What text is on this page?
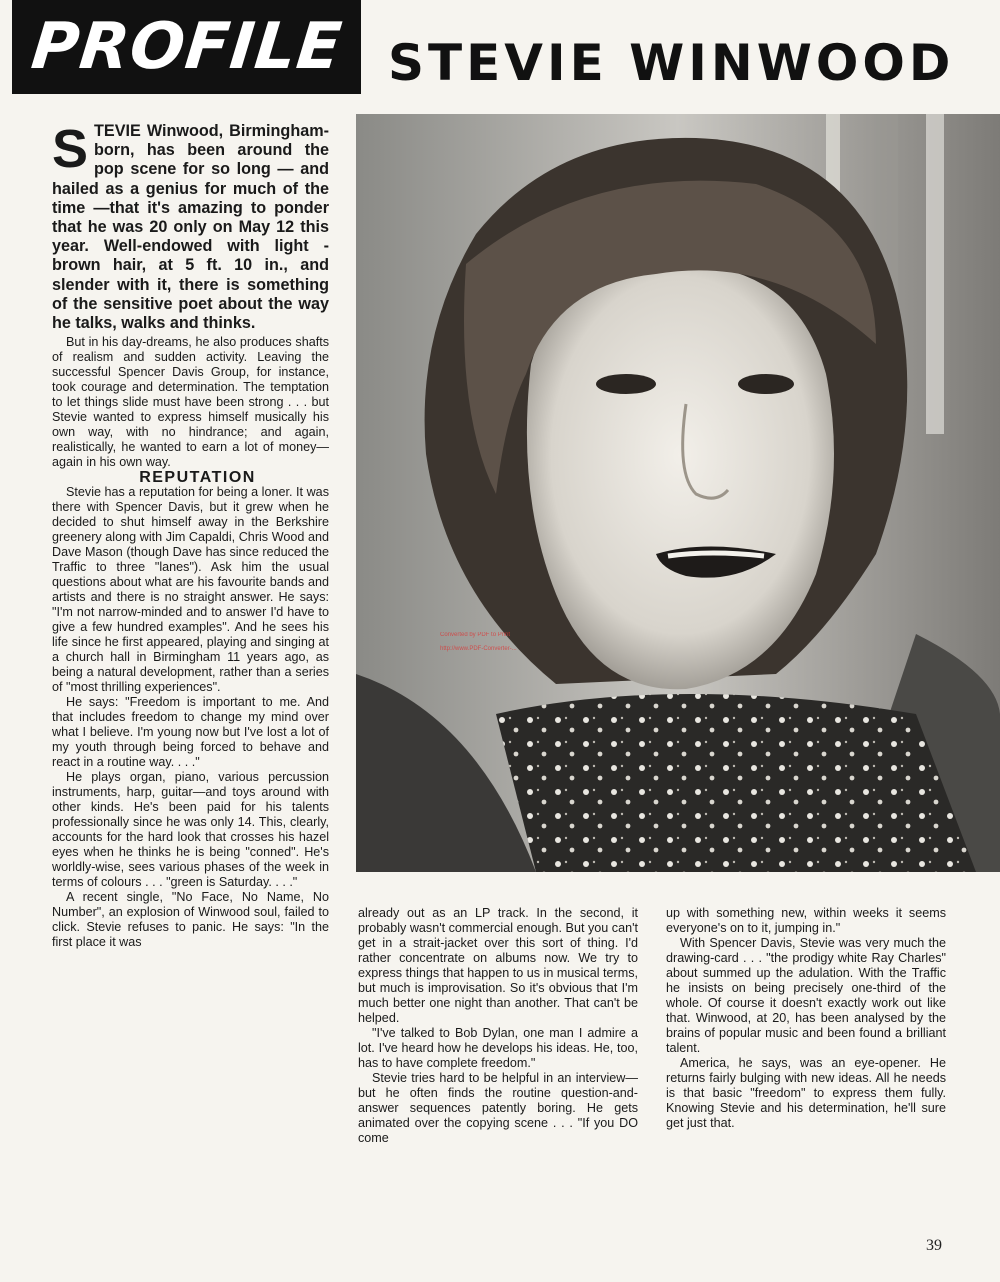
PROFILE STEVIE WINWOOD
Converted by PDF to Print
http://www.PDF-Converter-...
STEVIE Winwood, Birmingham-born, has been around the pop scene for so long — and hailed as a genius for much of the time —that it's amazing to ponder that he was 20 only on May 12 this year. Well-endowed with light - brown hair, at 5 ft. 10 in., and slender with it, there is something of the sensitive poet about the way he talks, walks and thinks.

But in his day-dreams, he also produces shafts of realism and sudden activity. Leaving the successful Spencer Davis Group, for instance, took courage and determination. The temptation to let things slide must have been strong . . . but Stevie wanted to express himself musically his own way, with no hindrance; and again, realistically, he wanted to earn a lot of money—again in his own way.

REPUTATION

Stevie has a reputation for being a loner. It was there with Spencer Davis, but it grew when he decided to shut himself away in the Berkshire greenery along with Jim Capaldi, Chris Wood and Dave Mason (though Dave has since reduced the Traffic to three "lanes"). Ask him the usual questions about what are his favourite bands and artists and there is no straight answer. He says: "I'm not narrow-minded and to answer I'd have to give a few hundred examples". And he sees his life since he first appeared, playing and singing at a church hall in Birmingham 11 years ago, as being a natural development, rather than a series of "most thrilling experiences".

He says: "Freedom is important to me. And that includes freedom to change my mind over what I believe. I'm young now but I've lost a lot of my youth through being forced to behave and react in a routine way. . . ."

He plays organ, piano, various percussion instruments, harp, guitar—and toys around with other kinds. He's been paid for his talents professionally since he was only 14. This, clearly, accounts for the hard look that crosses his hazel eyes when he thinks he is being "conned". He's worldly-wise, sees various phases of the week in terms of colours . . . "green is Saturday. . . ."

A recent single, "No Face, No Name, No Number", an explosion of Winwood soul, failed to click. Stevie refuses to panic. He says: "In the first place it was

already out as an LP track. In the second, it probably wasn't commercial enough. But you can't get in a strait-jacket over this sort of thing. I'd rather concentrate on albums now. We try to express things that happen to us in musical terms, but much is improvisation. So it's obvious that I'm much better one night than another. That can't be helped.

"I've talked to Bob Dylan, one man I admire a lot. I've heard how he develops his ideas. He, too, has to have complete freedom."

Stevie tries hard to be helpful in an interview—but he often finds the routine question-and-answer sequences patently boring. He gets animated over the copying scene . . . "If you DO come

up with something new, within weeks it seems everyone's on to it, jumping in."

With Spencer Davis, Stevie was very much the drawing-card . . . "the prodigy white Ray Charles" about summed up the adulation. With the Traffic he insists on being precisely one-third of the whole. Of course it doesn't exactly work out like that. Winwood, at 20, has been analysed by the brains of popular music and been found a brilliant talent.

America, he says, was an eye-opener. He returns fairly bulging with new ideas. All he needs is that basic "freedom" to express them fully. Knowing Stevie and his determination, he'll sure get just that.

39
